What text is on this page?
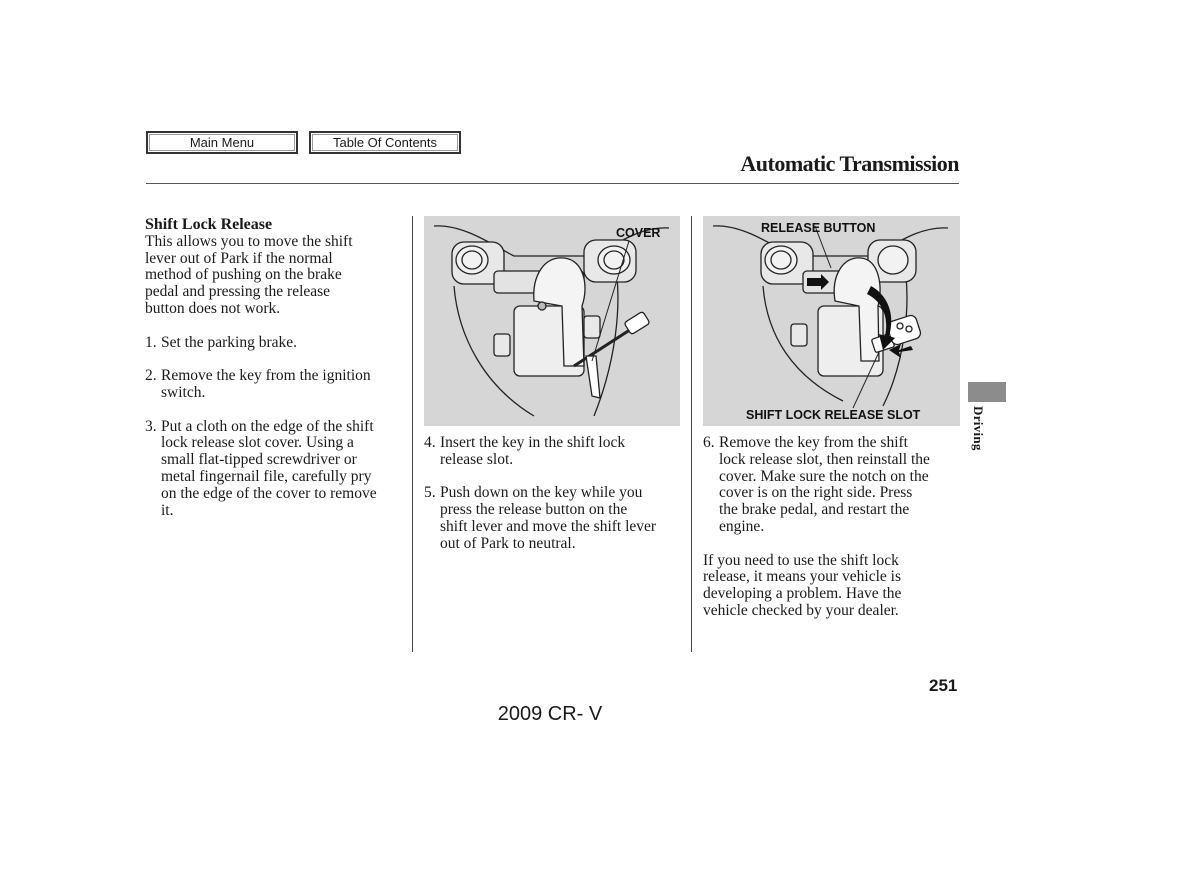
Main Menu	Table Of Contents
Automatic Transmission

Shift Lock Release

This allows you to move the shift

lever out of Park if the normal

method of pushing on the brake

pedal and pressing the release

button does not work.

1. Set the parking brake.

2. Remove the key from the ignition

switch.

3. Put a cloth on the edge of the shift

lock release slot cover. Using a

small flat-tipped screwdriver or

metal fingernail file, carefully pry

on the edge of the cover to remove

it.

COVER	RELEASE BUTTON
SHIFT LOCK RELEASE SLOT
4. Insert the key in the shift lock

release slot.

5. Push down on the key while you

press the release button on the

shift lever and move the shift lever

out of Park to neutral.

6. Remove the key from the shift

lock release slot, then reinstall the

cover. Make sure the notch on the

cover is on the right side. Press

the brake pedal, and restart the

engine.

If you need to use the shift lock

release, it means your vehicle is

developing a problem. Have the

vehicle checked by your dealer.

Driving
251
2009 CR- V
